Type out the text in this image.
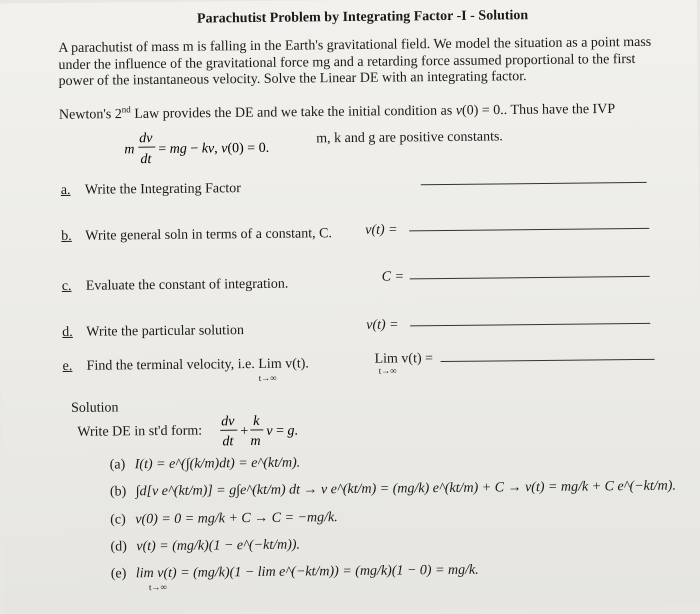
Parachutist Problem by Integrating Factor -I - Solution
A parachutist of mass m is falling in the Earth's gravitational field. We model the situation as a point mass under the influence of the gravitational force mg and a retarding force assumed proportional to the first power of the instantaneous velocity. Solve the Linear DE with an integrating factor.
Newton's 2nd Law provides the DE and we take the initial condition as v(0) = 0.. Thus have the IVP
m
dv
dt
= mg − kv, v(0) = 0.
m, k and g are positive constants.
a. Write the Integrating Factor
b. Write general soln in terms of a constant, C. v(t) =
c. Evaluate the constant of integration.	C =
d. Write the particular solution	v(t) =
e. Find the terminal velocity, i.e. Lim v(t).
t→∞
Lim v(t) =
t→∞
Solution
Write DE in st'd form:
dv
dt
+
k
m
v = g.
(a) I(t) = e^(∫(k/m)dt) = e^(kt/m).
(b) ∫d[v e^(kt/m)] = g∫e^(kt/m) dt → v e^(kt/m) = (mg/k) e^(kt/m) + C → v(t) = mg/k + C e^(−kt/m).
(c) v(0) = 0 = mg/k + C → C = −mg/k.
(d) v(t) = (mg/k)(1 − e^(−kt/m)).
(e) lim v(t) = (mg/k)(1 − lim e^(−kt/m)) = (mg/k)(1 − 0) = mg/k.
t→∞
